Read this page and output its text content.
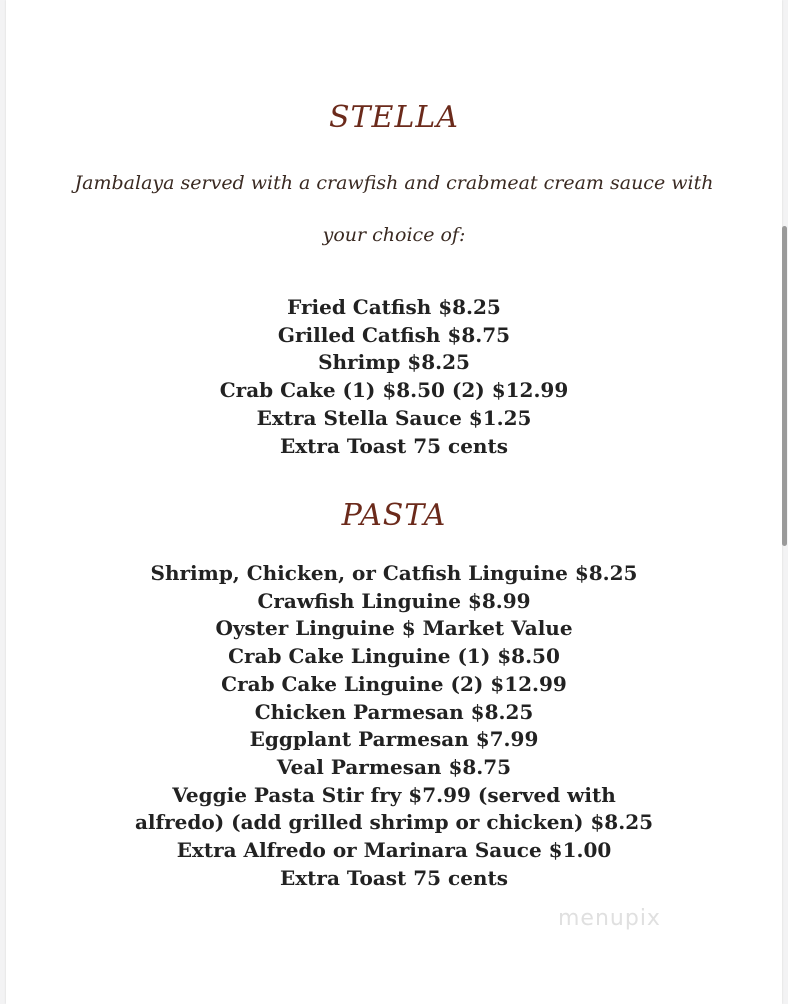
STELLA
Jambalaya served with a crawfish and crabmeat cream sauce with
your choice of:
Fried Catfish $8.25
Grilled Catfish $8.75
Shrimp $8.25
Crab Cake (1) $8.50 (2) $12.99
Extra Stella Sauce $1.25
Extra Toast 75 cents
PASTA
Shrimp, Chicken, or Catfish Linguine $8.25
Crawfish Linguine $8.99
Oyster Linguine $ Market Value
Crab Cake Linguine (1) $8.50
Crab Cake Linguine (2) $12.99
Chicken Parmesan $8.25
Eggplant Parmesan $7.99
Veal Parmesan $8.75
Veggie Pasta Stir fry $7.99 (served with
alfredo) (add grilled shrimp or chicken) $8.25
Extra Alfredo or Marinara Sauce $1.00
Extra Toast 75 cents
menupix
